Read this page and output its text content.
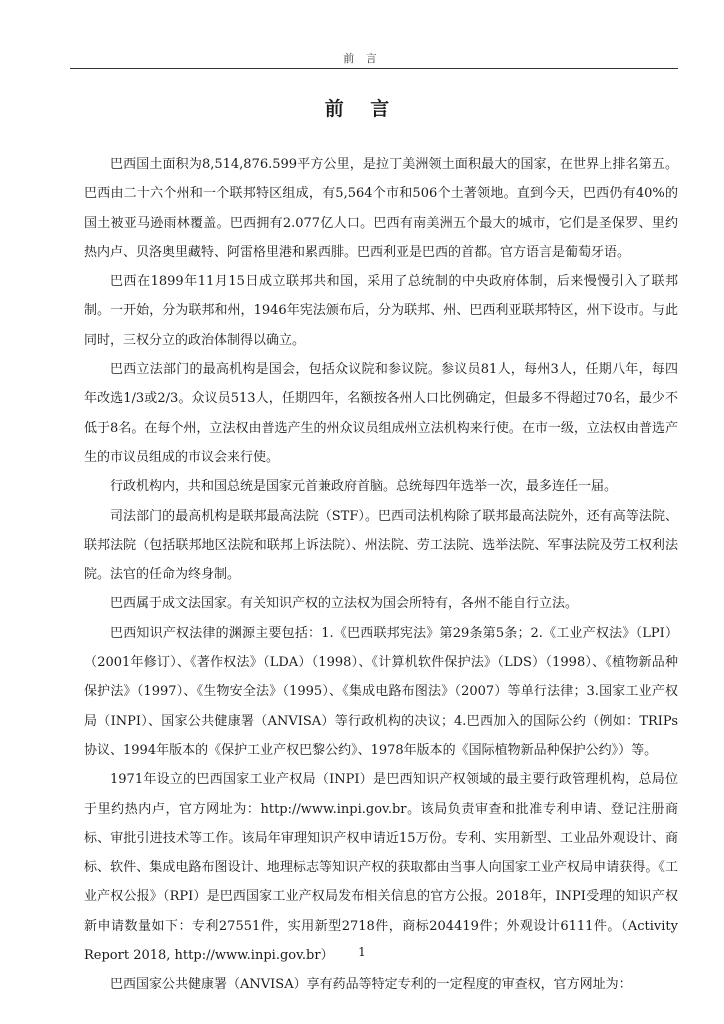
前 言
前 言

巴西国土面积为8,514,876.599平方公里，是拉丁美洲领土面积最大的国家，在世界上排名第五。巴西由二十六个州和一个联邦特区组成，有5,564个市和506个土著领地。直到今天，巴西仍有40%的国土被亚马逊雨林覆盖。巴西拥有2.077亿人口。巴西有南美洲五个最大的城市，它们是圣保罗、里约热内卢、贝洛奥里藏特、阿雷格里港和累西腓。巴西利亚是巴西的首都。官方语言是葡萄牙语。

巴西在1899年11月15日成立联邦共和国，采用了总统制的中央政府体制，后来慢慢引入了联邦制。一开始，分为联邦和州，1946年宪法颁布后，分为联邦、州、巴西利亚联邦特区，州下设市。与此同时，三权分立的政治体制得以确立。

巴西立法部门的最高机构是国会，包括众议院和参议院。参议员81人，每州3人，任期八年，每四年改选1/3或2/3。众议员513人，任期四年，名额按各州人口比例确定，但最多不得超过70名，最少不低于8名。在每个州，立法权由普选产生的州众议员组成州立法机构来行使。在市一级，立法权由普选产生的市议员组成的市议会来行使。

行政机构内，共和国总统是国家元首兼政府首脑。总统每四年选举一次，最多连任一届。

司法部门的最高机构是联邦最高法院（STF）。巴西司法机构除了联邦最高法院外，还有高等法院、联邦法院（包括联邦地区法院和联邦上诉法院）、州法院、劳工法院、选举法院、军事法院及劳工权利法院。法官的任命为终身制。

巴西属于成文法国家。有关知识产权的立法权为国会所特有，各州不能自行立法。

巴西知识产权法律的渊源主要包括：1.《巴西联邦宪法》第29条第5条；2.《工业产权法》（LPI）（2001年修订）、《著作权法》（LDA）（1998）、《计算机软件保护法》（LDS）（1998）、《植物新品种保护法》（1997）、《生物安全法》（1995）、《集成电路布图法》（2007）等单行法律；3.国家工业产权局（INPI）、国家公共健康署（ANVISA）等行政机构的决议；4.巴西加入的国际公约（例如：TRIPs协议、1994年版本的《保护工业产权巴黎公约》、1978年版本的《国际植物新品种保护公约》）等。

1971年设立的巴西国家工业产权局（INPI）是巴西知识产权领域的最主要行政管理机构，总局位于里约热内卢，官方网址为：http://www.inpi.gov.br。该局负责审查和批准专利申请、登记注册商标、审批引进技术等工作。该局年审理知识产权申请近15万份。专利、实用新型、工业品外观设计、商标、软件、集成电路布图设计、地理标志等知识产权的获取都由当事人向国家工业产权局申请获得。《工业产权公报》（RPI）是巴西国家工业产权局发布相关信息的官方公报。2018年，INPI受理的知识产权新申请数量如下：专利27551件，实用新型2718件，商标204419件；外观设计6111件。（Activity Report 2018, http://www.inpi.gov.br）

巴西国家公共健康署（ANVISA）享有药品等特定专利的一定程度的审查权，官方网址为：

1
